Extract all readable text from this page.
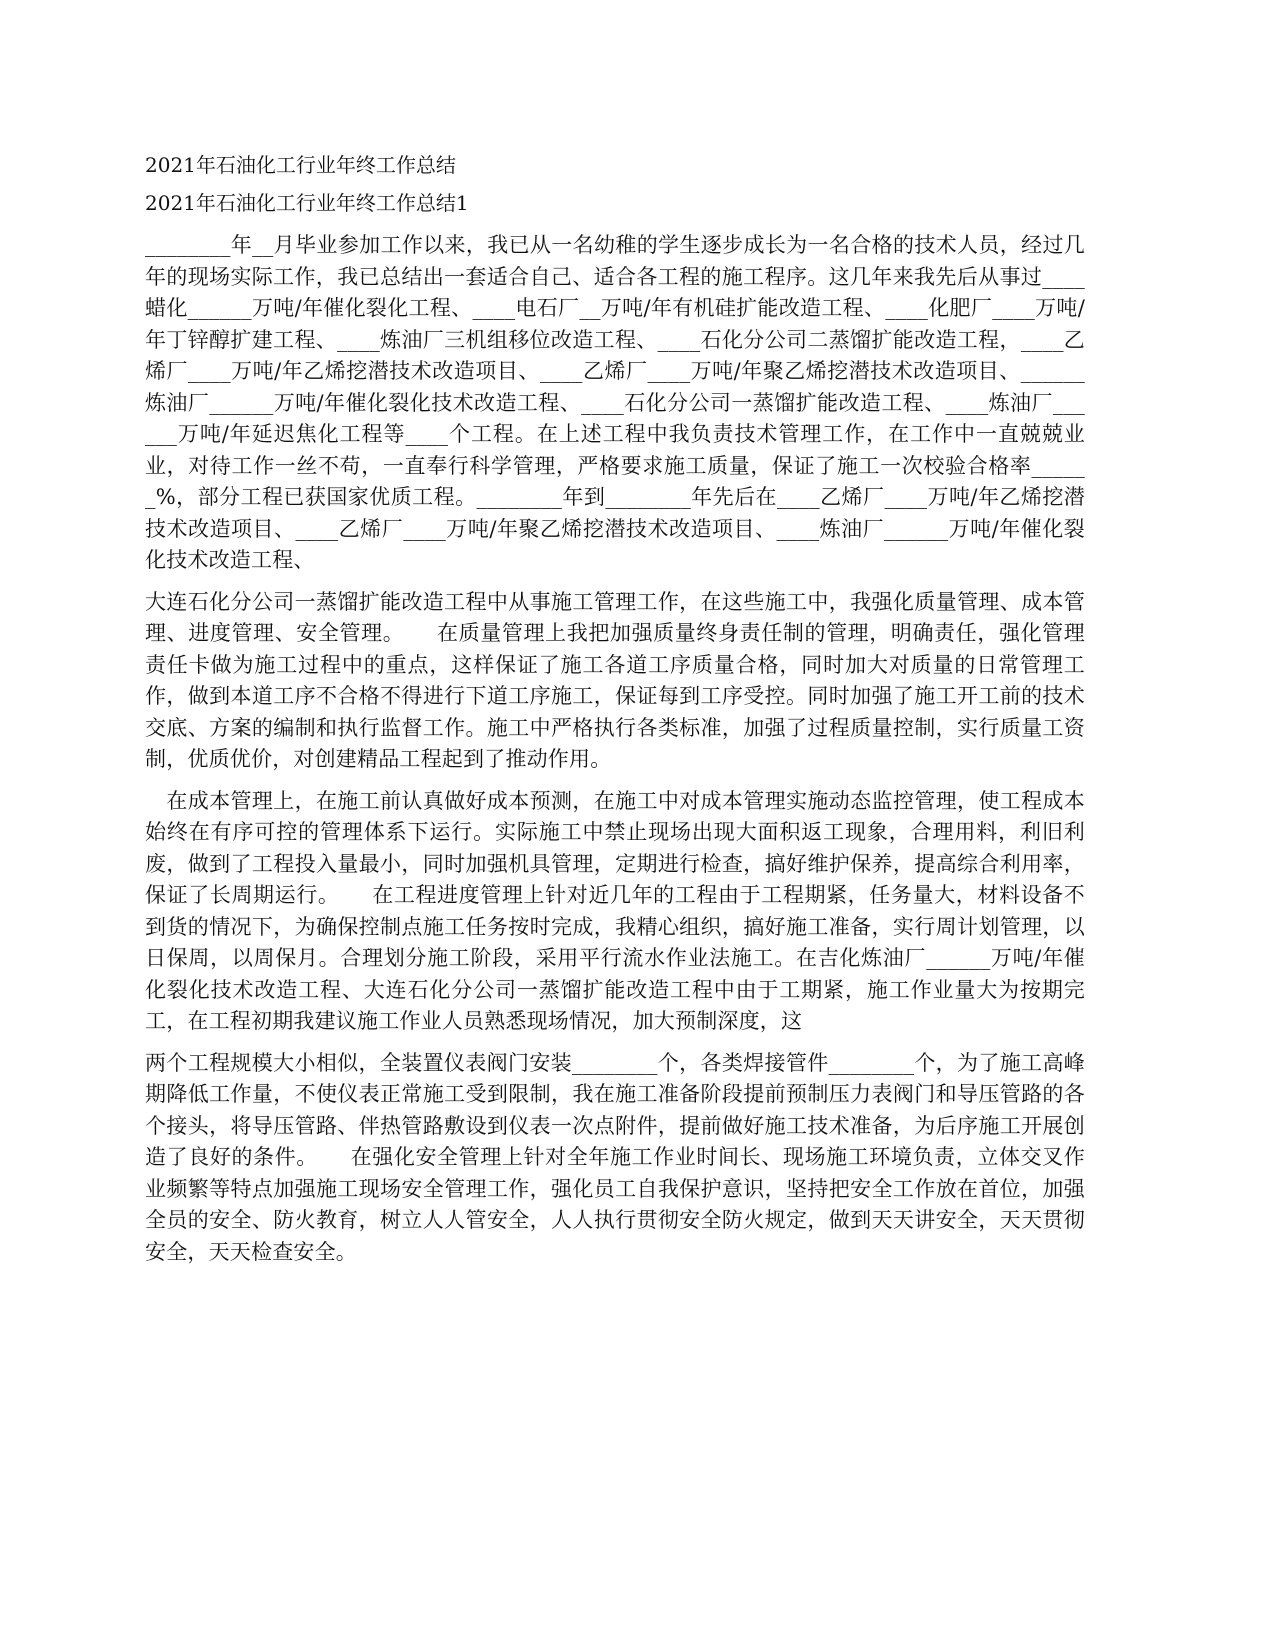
2021年石油化工行业年终工作总结
2021年石油化工行业年终工作总结1

________年__月毕业参加工作以来，我已从一名幼稚的学生逐步成长为一名合格的技术人员，经过几年的现场实际工作，我已总结出一套适合自己、适合各工程的施工程序。这几年来我先后从事过____蜡化______万吨/年催化裂化工程、____电石厂__万吨/年有机硅扩能改造工程、____化肥厂____万吨/年丁锌醇扩建工程、____炼油厂三机组移位改造工程、____石化分公司二蒸馏扩能改造工程，____乙烯厂____万吨/年乙烯挖潜技术改造项目、____乙烯厂____万吨/年聚乙烯挖潜技术改造项目、______炼油厂______万吨/年催化裂化技术改造工程、____石化分公司一蒸馏扩能改造工程、____炼油厂______万吨/年延迟焦化工程等____个工程。在上述工程中我负责技术管理工作，在工作中一直兢兢业业，对待工作一丝不苟，一直奉行科学管理，严格要求施工质量，保证了施工一次校验合格率______%，部分工程已获国家优质工程。________年到________年先后在____乙烯厂____万吨/年乙烯挖潜技术改造项目、____乙烯厂____万吨/年聚乙烯挖潜技术改造项目、____炼油厂______万吨/年催化裂化技术改造工程、

大连石化分公司一蒸馏扩能改造工程中从事施工管理工作，在这些施工中，我强化质量管理、成本管理、进度管理、安全管理。　　在质量管理上我把加强质量终身责任制的管理，明确责任，强化管理责任卡做为施工过程中的重点，这样保证了施工各道工序质量合格，同时加大对质量的日常管理工作，做到本道工序不合格不得进行下道工序施工，保证每到工序受控。同时加强了施工开工前的技术交底、方案的编制和执行监督工作。施工中严格执行各类标准，加强了过程质量控制，实行质量工资制，优质优价，对创建精品工程起到了推动作用。

　在成本管理上，在施工前认真做好成本预测，在施工中对成本管理实施动态监控管理，使工程成本始终在有序可控的管理体系下运行。实际施工中禁止现场出现大面积返工现象，合理用料，利旧利废，做到了工程投入量最小，同时加强机具管理，定期进行检查，搞好维护保养，提高综合利用率，保证了长周期运行。　　在工程进度管理上针对近几年的工程由于工程期紧，任务量大，材料设备不到货的情况下，为确保控制点施工任务按时完成，我精心组织，搞好施工准备，实行周计划管理，以日保周，以周保月。合理划分施工阶段，采用平行流水作业法施工。在吉化炼油厂______万吨/年催化裂化技术改造工程、大连石化分公司一蒸馏扩能改造工程中由于工期紧，施工作业量大为按期完工，在工程初期我建议施工作业人员熟悉现场情况，加大预制深度，这

两个工程规模大小相似，全装置仪表阀门安装________个，各类焊接管件________个，为了施工高峰期降低工作量，不使仪表正常施工受到限制，我在施工准备阶段提前预制压力表阀门和导压管路的各个接头，将导压管路、伴热管路敷设到仪表一次点附件，提前做好施工技术准备，为后序施工开展创造了良好的条件。　　在强化安全管理上针对全年施工作业时间长、现场施工环境负责，立体交叉作业频繁等特点加强施工现场安全管理工作，强化员工自我保护意识，坚持把安全工作放在首位，加强全员的安全、防火教育，树立人人管安全，人人执行贯彻安全防火规定，做到天天讲安全，天天贯彻安全，天天检查安全。
